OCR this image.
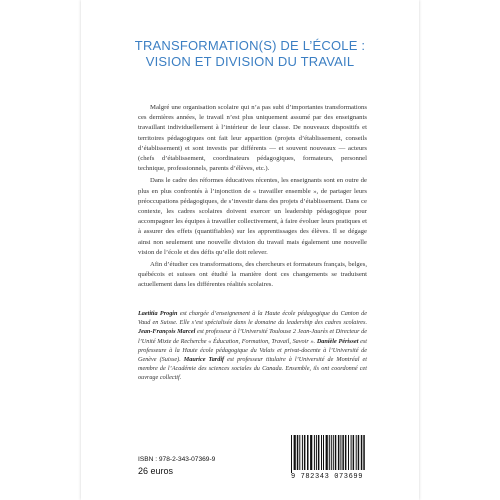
TRANSFORMATION(S) DE L’ÉCOLE :
VISION ET DIVISION DU TRAVAIL

Malgré une organisation scolaire qui n’a pas subi d’importantes transformations ces dernières années, le travail n’est plus uniquement assumé par des enseignants travaillant individuellement à l’intérieur de leur classe. De nouveaux dispositifs et territoires pédagogiques ont fait leur apparition (projets d’établissement, conseils d’établissement) et sont investis par différents — et souvent nouveaux — acteurs (chefs d’établissement, coordinateurs pédagogiques, formateurs, personnel technique, professionnels, parents d’élèves, etc.).

Dans le cadre des réformes éducatives récentes, les enseignants sont en outre de plus en plus confrontés à l’injonction de « travailler ensemble », de partager leurs préoccupations pédagogiques, de s’investir dans des projets d’établissement. Dans ce contexte, les cadres scolaires doivent exercer un leadership pédagogique pour accompagner les équipes à travailler collectivement, à faire évoluer leurs pratiques et à assurer des effets (quantifiables) sur les apprentissages des élèves. Il se dégage ainsi non seulement une nouvelle division du travail mais également une nouvelle vision de l’école et des défis qu’elle doit relever.

Afin d’étudier ces transformations, des chercheurs et formateurs français, belges, québécois et suisses ont étudié la manière dont ces changements se traduisent actuellement dans les différentes réalités scolaires.

Laetitia Progin est chargée d’enseignement à la Haute école pédagogique du Canton de Vaud en Suisse. Elle s’est spécialisée dans le domaine du leadership des cadres scolaires. Jean-François Marcel est professeur à l’Université Toulouse 2 Jean-Jaurès et Directeur de l’Unité Mixte de Recherche « Éducation, Formation, Travail, Savoir ». Danièle Périsset est professeure à la Haute école pédagogique du Valais et privat-docente à l’Université de Genève (Suisse). Maurice Tardif est professeur titulaire à l’Université de Montréal et membre de l’Académie des sciences sociales du Canada. Ensemble, ils ont coordonné cet ouvrage collectif.
ISBN : 978-2-343-07369-9
26 euros
9 782343 073699
